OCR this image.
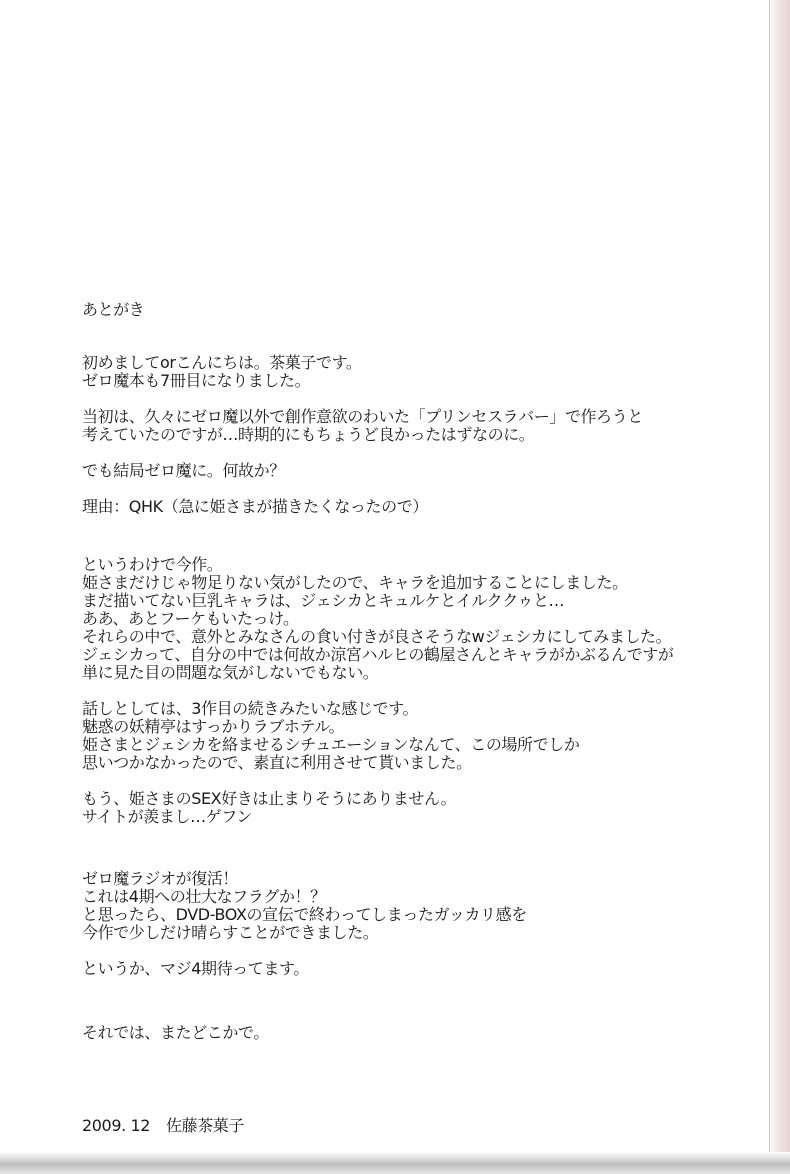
あとがき

初めましてorこんにちは。茶菓子です。
ゼロ魔本も7冊目になりました。

当初は、久々にゼロ魔以外で創作意欲のわいた「プリンセスラバー」で作ろうと
考えていたのですが…時期的にもちょうど良かったはずなのに。

でも結局ゼロ魔に。何故か？

理由：QHK（急に姫さまが描きたくなったので）

というわけで今作。
姫さまだけじゃ物足りない気がしたので、キャラを追加することにしました。
まだ描いてない巨乳キャラは、ジェシカとキュルケとイルククゥと…
ああ、あとフーケもいたっけ。
それらの中で、意外とみなさんの食い付きが良さそうなwジェシカにしてみました。
ジェシカって、自分の中では何故か涼宮ハルヒの鶴屋さんとキャラがかぶるんですが
単に見た目の問題な気がしないでもない。

話しとしては、3作目の続きみたいな感じです。
魅惑の妖精亭はすっかりラブホテル。
姫さまとジェシカを絡ませるシチュエーションなんて、この場所でしか
思いつかなかったので、素直に利用させて貰いました。

もう、姫さまのSEX好きは止まりそうにありません。
サイトが羨まし…ゲフン

ゼロ魔ラジオが復活！
これは4期への壮大なフラグか！？
と思ったら、DVD-BOXの宣伝で終わってしまったガッカリ感を
今作で少しだけ晴らすことができました。

というか、マジ4期待ってます。

それでは、またどこかで。

2009. 12 佐藤茶菓子
